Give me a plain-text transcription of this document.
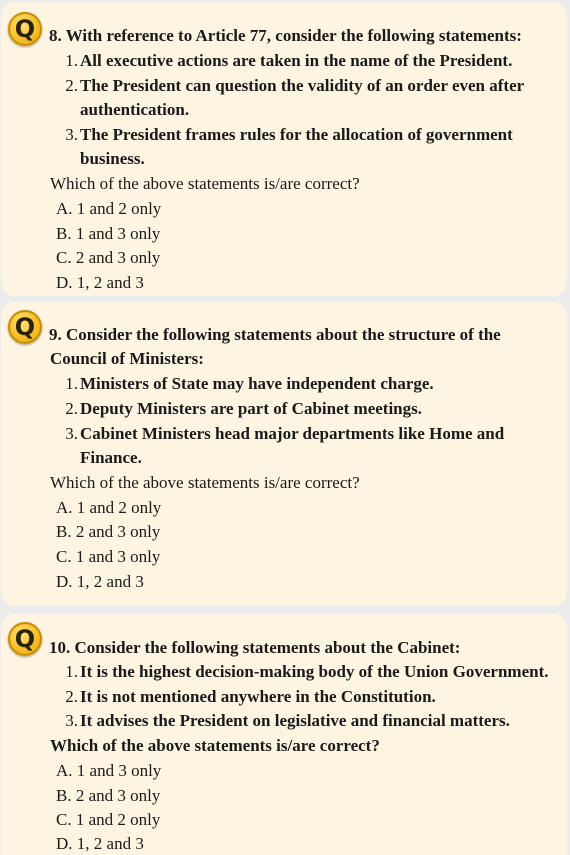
Q 8. With reference to Article 77, consider the following statements:
1. All executive actions are taken in the name of the President.
2. The President can question the validity of an order even after
authentication.
3. The President frames rules for the allocation of government
business.
Which of the above statements is/are correct?
A. 1 and 2 only
B. 1 and 3 only
C. 2 and 3 only
D. 1, 2 and 3
Q 9. Consider the following statements about the structure of the
Council of Ministers:
1. Ministers of State may have independent charge.
2. Deputy Ministers are part of Cabinet meetings.
3. Cabinet Ministers head major departments like Home and
Finance.
Which of the above statements is/are correct?
A. 1 and 2 only
B. 2 and 3 only
C. 1 and 3 only
D. 1, 2 and 3
Q 10. Consider the following statements about the Cabinet:
1. It is the highest decision-making body of the Union Government.
2. It is not mentioned anywhere in the Constitution.
3. It advises the President on legislative and financial matters.
Which of the above statements is/are correct?
A. 1 and 3 only
B. 2 and 3 only
C. 1 and 2 only
D. 1, 2 and 3
